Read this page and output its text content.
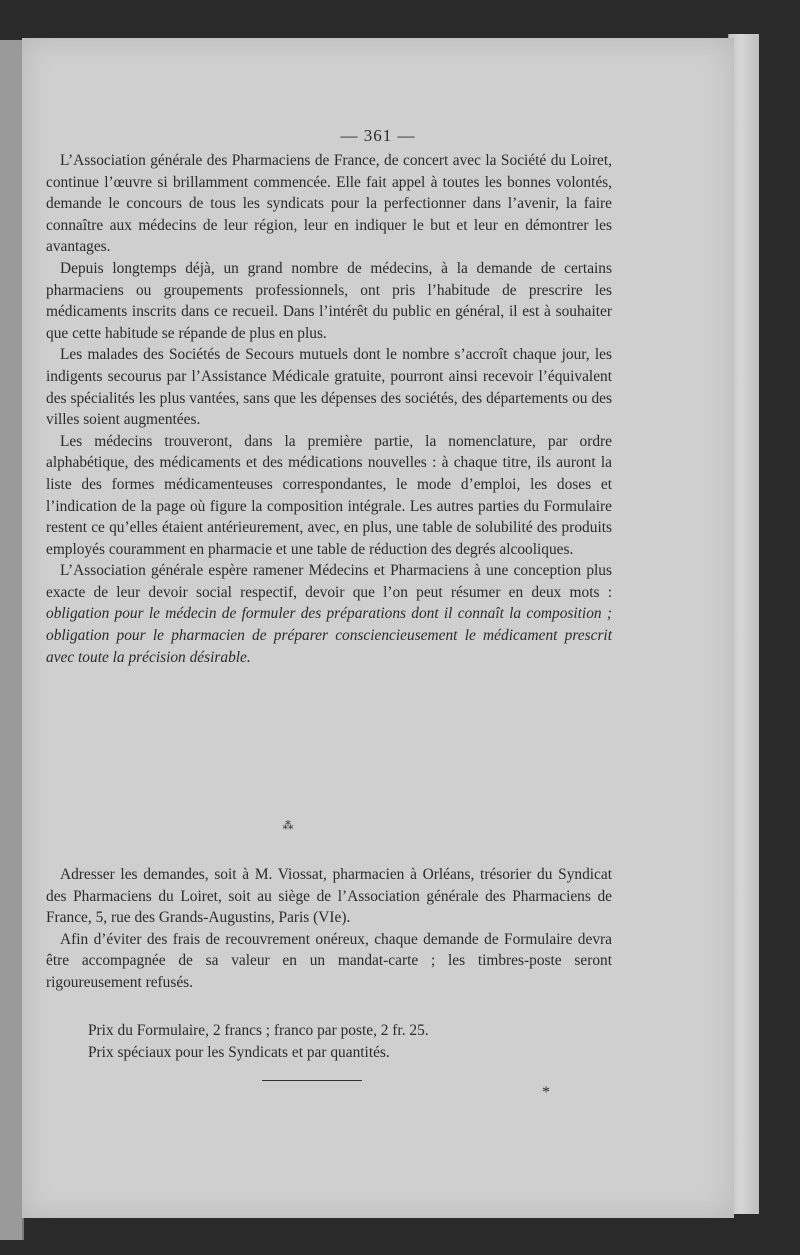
— 361 —

L’Association générale des Pharmaciens de France, de concert avec la Société du Loiret, continue l’œuvre si brillamment commencée. Elle fait appel à toutes les bonnes volontés, demande le concours de tous les syndicats pour la perfectionner dans l’avenir, la faire connaître aux médecins de leur région, leur en indiquer le but et leur en démontrer les avantages.

Depuis longtemps déjà, un grand nombre de médecins, à la demande de certains pharmaciens ou groupements professionnels, ont pris l’habitude de prescrire les médicaments inscrits dans ce recueil. Dans l’intérêt du public en général, il est à souhaiter que cette habitude se répande de plus en plus.

Les malades des Sociétés de Secours mutuels dont le nombre s’accroît chaque jour, les indigents secourus par l’Assistance Médicale gratuite, pourront ainsi recevoir l’équivalent des spécialités les plus vantées, sans que les dépenses des sociétés, des départements ou des villes soient augmentées.

Les médecins trouveront, dans la première partie, la nomenclature, par ordre alphabétique, des médicaments et des médications nouvelles : à chaque titre, ils auront la liste des formes médicamenteuses correspondantes, le mode d’emploi, les doses et l’indication de la page où figure la composition intégrale. Les autres parties du Formulaire restent ce qu’elles étaient antérieurement, avec, en plus, une table de solubilité des produits employés couramment en pharmacie et une table de réduction des degrés alcooliques.

L’Association générale espère ramener Médecins et Pharmaciens à une conception plus exacte de leur devoir social respectif, devoir que l’on peut résumer en deux mots : obligation pour le médecin de formuler des préparations dont il connaît la composition ; obligation pour le pharmacien de préparer consciencieusement le médicament prescrit avec toute la précision désirable.

⁂

Adresser les demandes, soit à M. Viossat, pharmacien à Orléans, trésorier du Syndicat des Pharmaciens du Loiret, soit au siège de l’Association générale des Pharmaciens de France, 5, rue des Grands-Augustins, Paris (VIe).

Afin d’éviter des frais de recouvrement onéreux, chaque demande de Formulaire devra être accompagnée de sa valeur en un mandat-carte ; les timbres-poste seront rigoureusement refusés.

Prix du Formulaire, 2 francs ; franco par poste, 2 fr. 25.

Prix spéciaux pour les Syndicats et par quantités.

*
